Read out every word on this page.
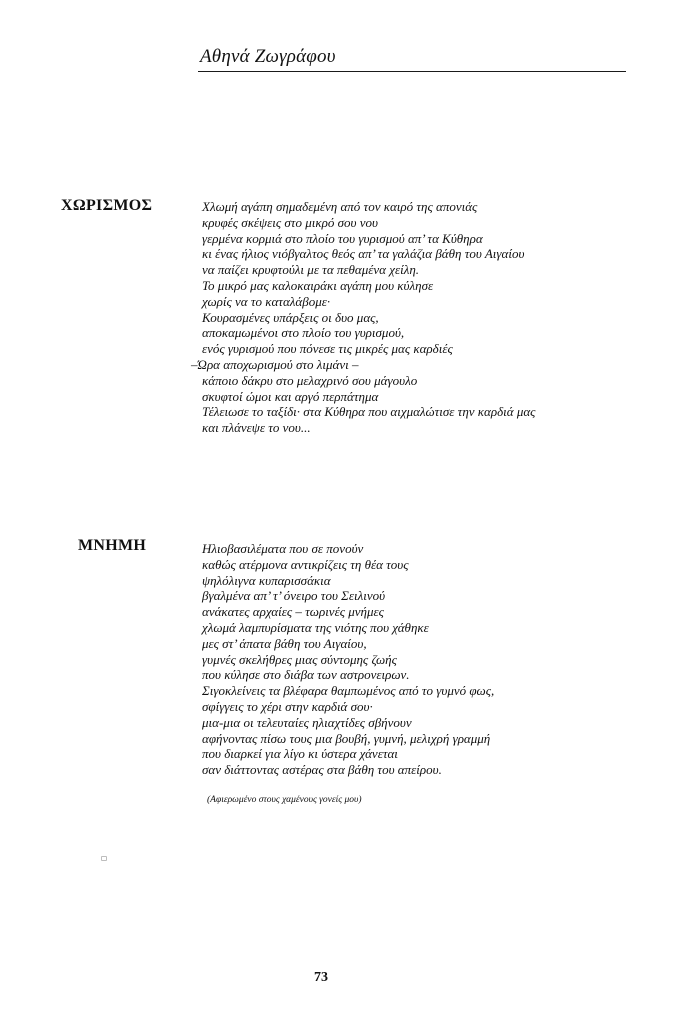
Αθηνά Ζωγράφου
ΧΩΡΙΣΜΟΣ	Χλωμή αγάπη σημαδεμένη από τον καιρό της απονιάς
κρυφές σκέψεις στο μικρό σου νου
γερμένα κορμιά στο πλοίο του γυρισμού απ’ τα Κύθηρα
κι ένας ήλιος νιόβγαλτος θεός απ’ τα γαλάζια βάθη του Αιγαίου
να παίζει κρυφτούλι με τα πεθαμένα χείλη.
Το μικρό μας καλοκαιράκι αγάπη μου κύλησε
χωρίς να το καταλάβομε·
Κουρασμένες υπάρξεις οι δυο μας,
αποκαμωμένοι στο πλοίο του γυρισμού,
ενός γυρισμού που πόνεσε τις μικρές μας καρδιές
–Ώρα αποχωρισμού στο λιμάνι –
κάποιο δάκρυ στο μελαχρινό σου μάγουλο
σκυφτοί ώμοι και αργό περπάτημα
Τέλειωσε το ταξίδι· στα Κύθηρα που αιχμαλώτισε την καρδιά μας
και πλάνεψε το νου...
ΜΝΗΜΗ	Ηλιοβασιλέματα που σε πονούν
καθώς ατέρμονα αντικρίζεις τη θέα τους
ψηλόλιγνα κυπαρισσάκια
βγαλμένα απ’ τ’ όνειρο του Σειλινού
ανάκατες αρχαίες – τωρινές μνήμες
χλωμά λαμπυρίσματα της νιότης που χάθηκε
μες στ’ άπατα βάθη του Αιγαίου,
γυμνές σκελήθρες μιας σύντομης ζωής
που κύλησε στο διάβα των αστρονειρων.
Σιγοκλείνεις τα βλέφαρα θαμπωμένος από το γυμνό φως,
σφίγγεις το χέρι στην καρδιά σου·
μια-μια οι τελευταίες ηλιαχτίδες σβήνουν
αφήνοντας πίσω τους μια βουβή, γυμνή, μελιχρή γραμμή
που διαρκεί για λίγο κι ύστερα χάνεται
σαν διάττοντας αστέρας στα βάθη του απείρου.
(Αφιερωμένο στους χαμένους γονείς μου)
73
